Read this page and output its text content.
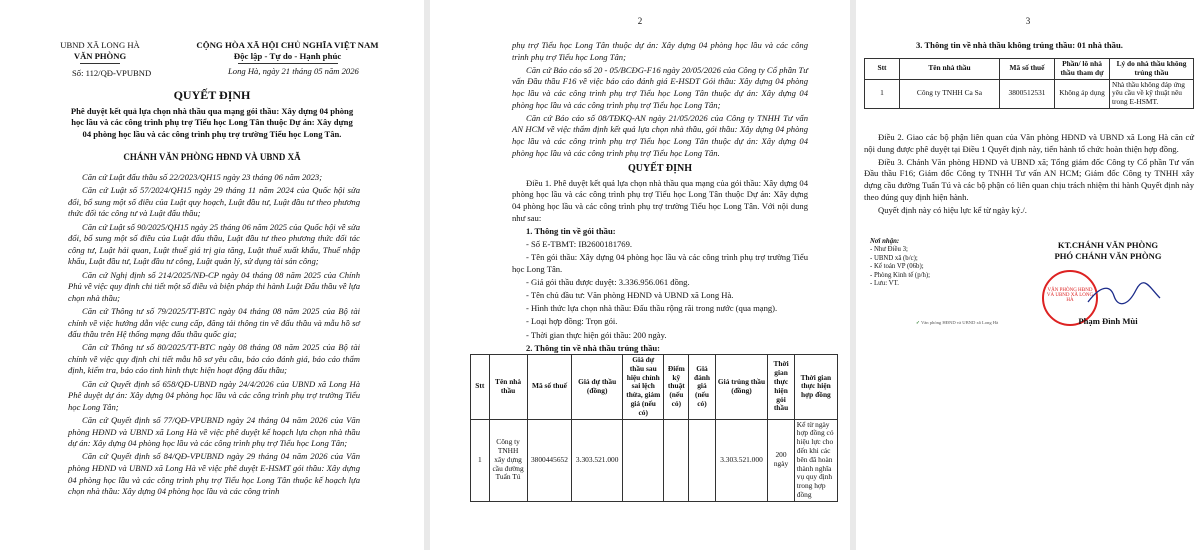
UBND XÃ LONG HÀ
VĂN PHÒNG
Số: 112/QĐ-VPUBND
CỘNG HÒA XÃ HỘI CHỦ NGHĨA VIỆT NAM
Độc lập - Tự do - Hạnh phúc
Long Hà, ngày 21 tháng 05 năm 2026
QUYẾT ĐỊNH
Phê duyệt kết quả lựa chọn nhà thầu qua mạng gói thầu: Xây dựng 04 phòng học lầu và các công trình phụ trợ Tiểu học Long Tân thuộc Dự án: Xây dựng 04 phòng học lầu và các công trình phụ trợ trường Tiểu học Long Tân.
CHÁNH VĂN PHÒNG HĐND VÀ UBND XÃ

Căn cứ Luật đấu thầu số 22/2023/QH15 ngày 23 tháng 06 năm 2023;

Căn cứ Luật số 57/2024/QH15 ngày 29 tháng 11 năm 2024 của Quốc hội sửa đổi, bổ sung một số điều của Luật quy hoạch, Luật đầu tư, Luật đầu tư theo phương thức đối tác công tư và Luật đấu thầu;

Căn cứ Luật số 90/2025/QH15 ngày 25 tháng 06 năm 2025 của Quốc hội về sửa đổi, bổ sung một số điều của Luật đấu thầu, Luật đầu tư theo phương thức đối tác công tư, Luật hải quan, Luật thuế giá trị gia tăng, Luật thuế xuất khẩu, Thuế nhập khẩu, Luật đầu tư, Luật đầu tư công, Luật quản lý, sử dụng tài sản công;

Căn cứ Nghị định số 214/2025/NĐ-CP ngày 04 tháng 08 năm 2025 của Chính Phủ về việc quy định chi tiết một số điều và biện pháp thi hành Luật Đấu thầu về lựa chọn nhà thầu;

Căn cứ Thông tư số 79/2025/TT-BTC ngày 04 tháng 08 năm 2025 của Bộ tài chính về việc hướng dẫn việc cung cấp, đăng tải thông tin về đấu thầu và mẫu hồ sơ đấu thầu trên Hệ thống mạng đấu thầu quốc gia;

Căn cứ Thông tư số 80/2025/TT-BTC ngày 08 tháng 08 năm 2025 của Bộ tài chính về việc quy định chi tiết mẫu hồ sơ yêu cầu, báo cáo đánh giá, báo cáo thẩm định, kiểm tra, báo cáo tình hình thực hiện hoạt động đấu thầu;

Căn cứ Quyết định số 658/QĐ-UBND ngày 24/4/2026 của UBND xã Long Hà Phê duyệt dự án: Xây dựng 04 phòng học lầu và các công trình phụ trợ trường Tiểu học Long Tân;

Căn cứ Quyết định số 77/QĐ-VPUBND ngày 24 tháng 04 năm 2026 của Văn phòng HĐND và UBND xã Long Hà về việc phê duyệt kế hoạch lựa chọn nhà thầu dự án: Xây dựng 04 phòng học lầu và các công trình phụ trợ Tiểu học Long Tân;

Căn cứ Quyết định số 84/QĐ-VPUBND ngày 29 tháng 04 năm 2026 của Văn phòng HĐND và UBND xã Long Hà về việc phê duyệt E-HSMT gói thầu: Xây dựng 04 phòng học lầu và các công trình phụ trợ Tiểu học Long Tân thuộc kế hoạch lựa chọn nhà thầu: Xây dựng 04 phòng học lầu và các công trình

2

phụ trợ Tiểu học Long Tân thuộc dự án: Xây dựng 04 phòng học lầu và các công trình phụ trợ Tiểu học Long Tân;

Căn cứ Báo cáo số 20 - 05/BCĐG-F16 ngày 20/05/2026 của Công ty Cổ phần Tư vấn Đầu thầu F16 về việc báo cáo đánh giá E-HSDT Gói thầu: Xây dựng 04 phòng học lầu và các công trình phụ trợ Tiểu học Long Tân thuộc dự án: Xây dựng 04 phòng học lầu và các công trình phụ trợ Tiểu học Long Tân;

Căn cứ Báo cáo số 08/TĐKQ-AN ngày 21/05/2026 của Công ty TNHH Tư vấn AN HCM về việc thẩm định kết quả lựa chọn nhà thầu, gói thầu: Xây dựng 04 phòng học lầu và các công trình phụ trợ Tiểu học Long Tân thuộc dự án: Xây dựng 04 phòng học lầu và các công trình phụ trợ Tiểu học Long Tân.

QUYẾT ĐỊNH

Điều 1. Phê duyệt kết quả lựa chọn nhà thầu qua mạng của gói thầu: Xây dựng 04 phòng học lầu và các công trình phụ trợ Tiểu học Long Tân thuộc Dự án: Xây dựng 04 phòng học lầu và các công trình phụ trợ trường Tiểu học Long Tân. Với nội dung như sau:

1. Thông tin về gói thầu:

- Số E-TBMT: IB2600181769.

- Tên gói thầu: Xây dựng 04 phòng học lầu và các công trình phụ trợ trường Tiểu học Long Tân.

- Giá gói thầu được duyệt: 3.336.956.061 đồng.

- Tên chủ đầu tư: Văn phòng HĐND và UBND xã Long Hà.

- Hình thức lựa chọn nhà thầu: Đấu thầu rộng rãi trong nước (qua mạng).

- Loại hợp đồng: Trọn gói.

- Thời gian thực hiện gói thầu: 200 ngày.

2. Thông tin về nhà thầu trúng thầu:

Stt	Tên nhà thầu	Mã số thuế	Giá dự thầu (đồng)	Giá dự thầu sau hiệu chỉnh sai lệch thừa, giảm giá (nếu có)	Điểm kỹ thuật (nếu có)	Giá đánh giá (nếu có)	Giá trúng thầu (đồng)	Thời gian thực hiện gói thầu	Thời gian thực hiện hợp đồng
1	Công ty TNHH xây dựng cầu đường Tuấn Tú	3800445652	3.303.521.000				3.303.521.000	200 ngày	Kể từ ngày hợp đồng có hiệu lực cho đến khi các bên đã hoàn thành nghĩa vụ quy định trong hợp đồng
3
3. Thông tin về nhà thầu không trúng thầu: 01 nhà thầu.
Stt	Tên nhà thầu	Mã số thuế	Phần/ lô nhà thầu tham dự	Lý do nhà thầu không trúng thầu
1	Công ty TNHH Ca Sa	3800512531	Không áp dụng	Nhà thầu không đáp ứng yêu cầu về kỹ thuật nêu trong E-HSMT.

Điều 2. Giao các bộ phận liên quan của Văn phòng HĐND và UBND xã Long Hà căn cứ nội dung được phê duyệt tại Điều 1 Quyết định này, tiến hành tổ chức hoàn thiện hợp đồng.

Điều 3. Chánh Văn phòng HĐND và UBND xã; Tổng giám đốc Công ty Cổ phần Tư vấn Đầu thầu F16; Giám đốc Công ty TNHH Tư vấn AN HCM; Giám đốc Công ty TNHH xây dựng cầu đường Tuấn Tú và các bộ phận có liên quan chịu trách nhiệm thi hành Quyết định này theo đúng quy định hiện hành.

Quyết định này có hiệu lực kể từ ngày ký./.

Nơi nhận:
- Như Điều 3;
- UBND xã (b/c);
- Kế toán VP (06b);
- Phòng Kinh tế (p/h);
- Lưu: VT.
KT.CHÁNH VĂN PHÒNG
PHÓ CHÁNH VĂN PHÒNG
VĂN PHÒNG HĐND VÀ UBND XÃ LONG HÀ
Phạm Đình Mùi
✓ Văn phòng HĐND và UBND xã Long Hà
